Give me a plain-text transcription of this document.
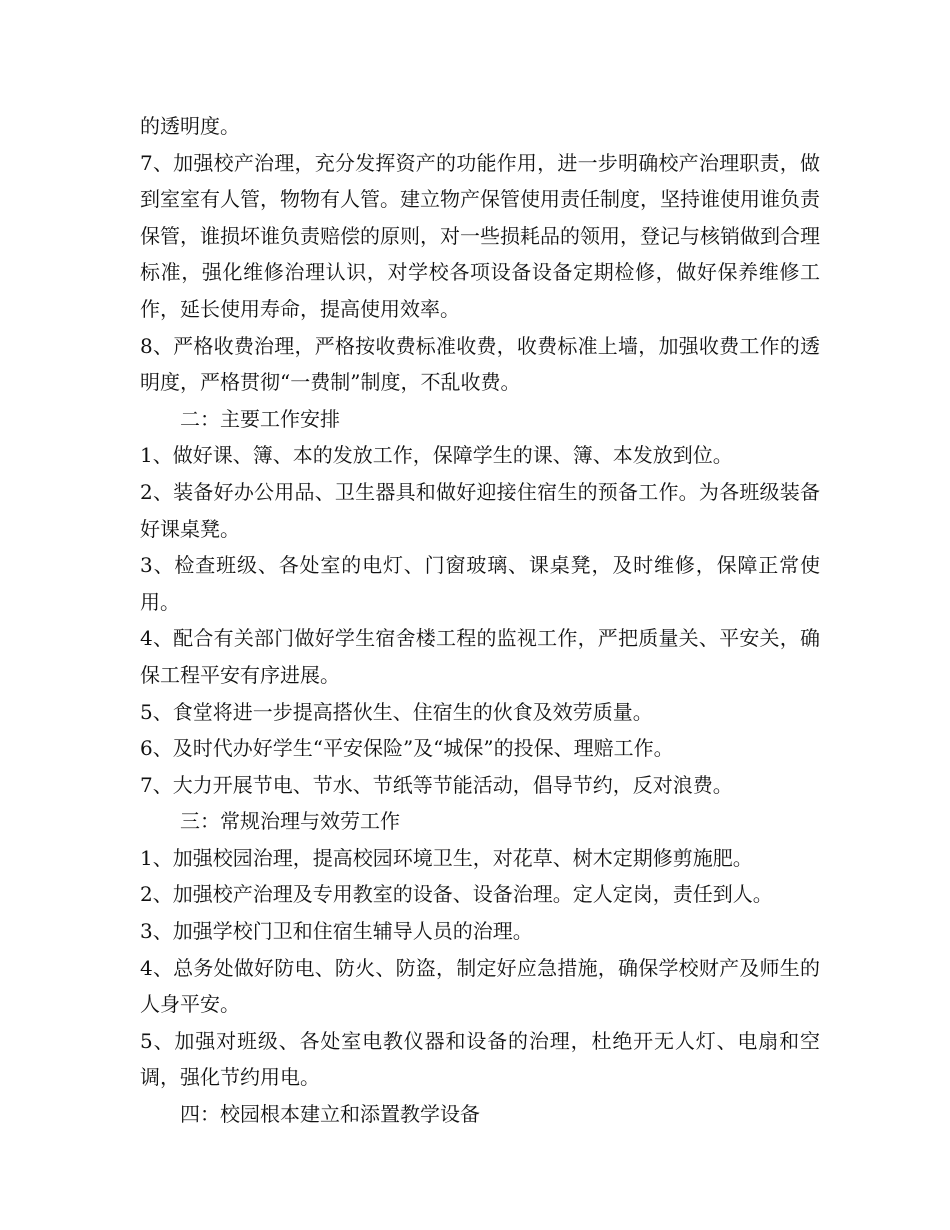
的透明度。

7、加强校产治理，充分发挥资产的功能作用，进一步明确校产治理职责，做到室室有人管，物物有人管。建立物产保管使用责任制度，坚持谁使用谁负责保管，谁损坏谁负责赔偿的原则，对一些损耗品的领用，登记与核销做到合理标准，强化维修治理认识，对学校各项设备设备定期检修，做好保养维修工作，延长使用寿命，提高使用效率。

8、严格收费治理，严格按收费标准收费，收费标准上墙，加强收费工作的透明度，严格贯彻“一费制”制度，不乱收费。

二：主要工作安排

1、做好课、簿、本的发放工作，保障学生的课、簿、本发放到位。

2、装备好办公用品、卫生器具和做好迎接住宿生的预备工作。为各班级装备好课桌凳。

3、检查班级、各处室的电灯、门窗玻璃、课桌凳，及时维修，保障正常使用。

4、配合有关部门做好学生宿舍楼工程的监视工作，严把质量关、平安关，确保工程平安有序进展。

5、食堂将进一步提高搭伙生、住宿生的伙食及效劳质量。

6、及时代办好学生“平安保险”及“城保”的投保、理赔工作。

7、大力开展节电、节水、节纸等节能活动，倡导节约，反对浪费。

三：常规治理与效劳工作

1、加强校园治理，提高校园环境卫生，对花草、树木定期修剪施肥。

2、加强校产治理及专用教室的设备、设备治理。定人定岗，责任到人。

3、加强学校门卫和住宿生辅导人员的治理。

4、总务处做好防电、防火、防盗，制定好应急措施，确保学校财产及师生的人身平安。

5、加强对班级、各处室电教仪器和设备的治理，杜绝开无人灯、电扇和空调，强化节约用电。

四：校园根本建立和添置教学设备
